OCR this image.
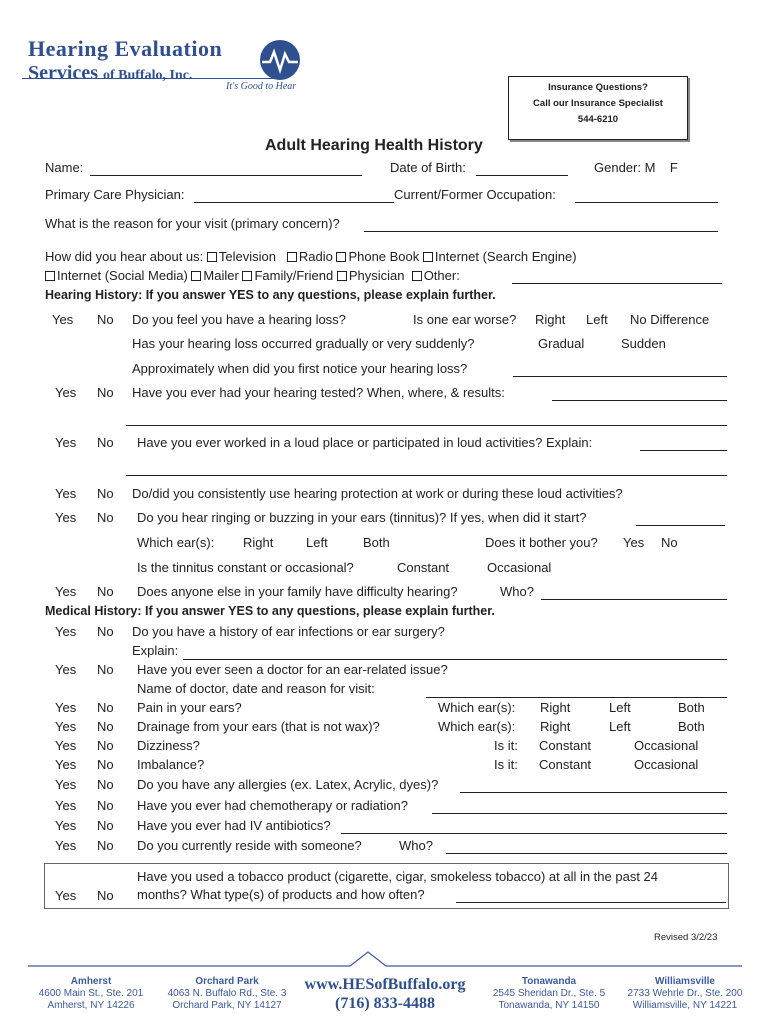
Hearing Evaluation
Services of Buffalo, Inc.
It's Good to Hear	Insurance Questions?
Call our Insurance Specialist
544-6210
Adult Hearing Health History
Name:	Date of Birth:	Gender: M    F
Primary Care Physician:	Current/Former Occupation:
What is the reason for your visit (primary concern)?
How did you hear about us: Television Radio Phone Book Internet (Search Engine)
Internet (Social Media) Mailer Family/Friend Physician Other:
Hearing History: If you answer YES to any questions, please explain further.
Yes No Do you feel you have a hearing loss?	Is one ear worse? Right Left No Difference
Has your hearing loss occurred gradually or very suddenly?	Gradual	Sudden
Approximately when did you first notice your hearing loss?
Yes No Have you ever had your hearing tested? When, where, & results:
Yes No Have you ever worked in a loud place or participated in loud activities? Explain:
Yes No Do/did you consistently use hearing protection at work or during these loud activities?
Yes No Do you hear ringing or buzzing in your ears (tinnitus)? If yes, when did it start?
Which ear(s): Right	Left	Both	Does it bother you? Yes No
Is the tinnitus constant or occasional?	Constant	Occasional
Yes No Does anyone else in your family have difficulty hearing?	Who?
Medical History: If you answer YES to any questions, please explain further.
Yes No Do you have a history of ear infections or ear surgery?
Explain:
Yes No Have you ever seen a doctor for an ear-related issue?
Name of doctor, date and reason for visit:
Yes No Pain in your ears?	Which ear(s): Right	Left	Both
Yes No Drainage from your ears (that is not wax)?	Which ear(s): Right	Left	Both
Yes No Dizziness?	Is it: Constant	Occasional
Yes No Imbalance?	Is it: Constant	Occasional
Yes No Do you have any allergies (ex. Latex, Acrylic, dyes)?
Yes No Have you ever had chemotherapy or radiation?
Yes No Have you ever had IV antibiotics?
Yes No Do you currently reside with someone?	Who?
Yes No
Have you used a tobacco product (cigarette, cigar, smokeless tobacco) at all in the past 24
months? What type(s) of products and how often?
Revised 3/2/23
Amherst
4600 Main St., Ste. 201
Amherst, NY 14226
Orchard Park
4063 N. Buffalo Rd., Ste. 3
Orchard Park, NY 14127
www.HESofBuffalo.org
(716) 833-4488
Tonawanda
2545 Sheridan Dr., Ste. 5
Tonawanda, NY 14150
Williamsville
2733 Wehrle Dr., Ste. 200
Williamsville, NY 14221
